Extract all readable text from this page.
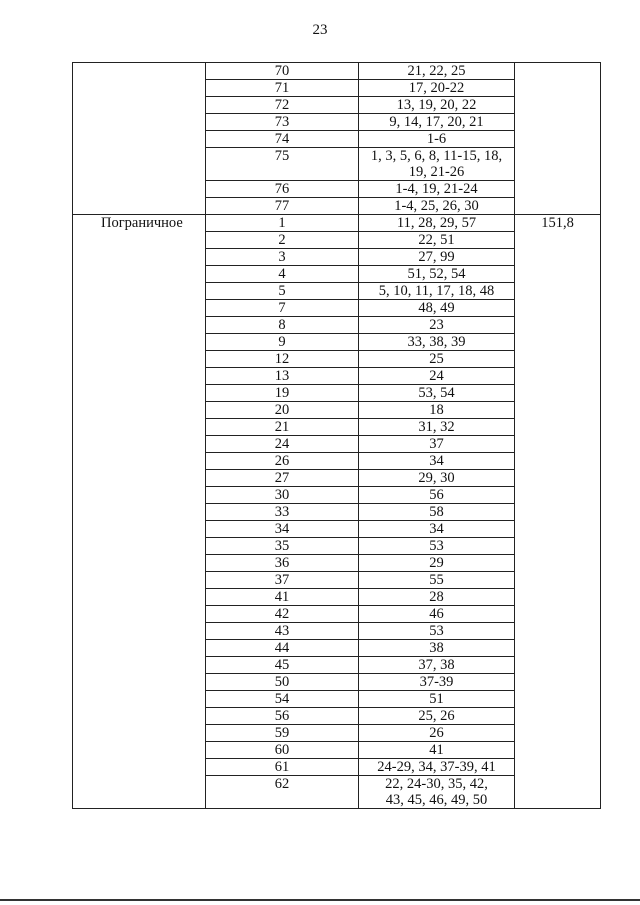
23
	70	21, 22, 25	

	71	17, 20-22	

	72	13, 19, 20, 22	

	73	9, 14, 17, 20, 21	

	74	1-6	

	75	1, 3, 5, 6, 8, 11-15, 18,
19, 21-26	

	76	1-4, 19, 21-24	

	77	1-4, 25, 26, 30	

Пограничное	1	11, 28, 29, 57	151,8
	2	22, 51	

	3	27, 99	

	4	51, 52, 54	

	5	5, 10, 11, 17, 18, 48	

	7	48, 49	

	8	23	

	9	33, 38, 39	

	12	25	

	13	24	

	19	53, 54	

	20	18	

	21	31, 32	

	24	37	

	26	34	

	27	29, 30	

	30	56	

	33	58	

	34	34	

	35	53	

	36	29	

	37	55	

	41	28	

	42	46	

	43	53	

	44	38	

	45	37, 38	

	50	37-39	

	54	51	

	56	25, 26	

	59	26	

	60	41	

	61	24-29, 34, 37-39, 41	

	62	22, 24-30, 35, 42,
43, 45, 46, 49, 50	
